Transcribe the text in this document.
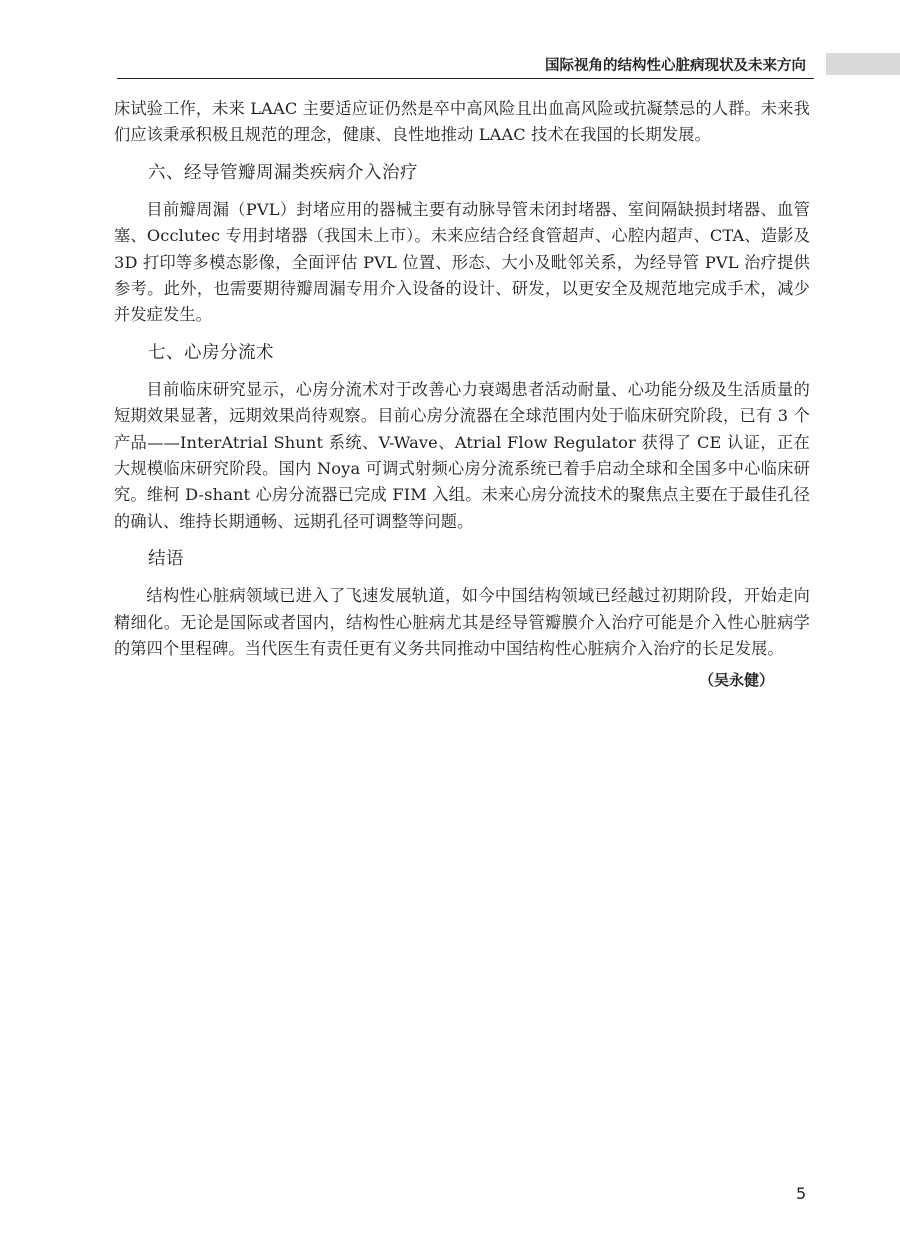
国际视角的结构性心脏病现状及未来方向

床试验工作，未来 LAAC 主要适应证仍然是卒中高风险且出血高风险或抗凝禁忌的人群。未来我们应该秉承积极且规范的理念，健康、良性地推动 LAAC 技术在我国的长期发展。

六、经导管瓣周漏类疾病介入治疗

目前瓣周漏（PVL）封堵应用的器械主要有动脉导管未闭封堵器、室间隔缺损封堵器、血管塞、Occlutec 专用封堵器（我国未上市）。未来应结合经食管超声、心腔内超声、CTA、造影及 3D 打印等多模态影像，全面评估 PVL 位置、形态、大小及毗邻关系，为经导管 PVL 治疗提供参考。此外，也需要期待瓣周漏专用介入设备的设计、研发，以更安全及规范地完成手术，减少并发症发生。

七、心房分流术

目前临床研究显示，心房分流术对于改善心力衰竭患者活动耐量、心功能分级及生活质量的短期效果显著，远期效果尚待观察。目前心房分流器在全球范围内处于临床研究阶段，已有 3 个产品——InterAtrial Shunt 系统、V-Wave、Atrial Flow Regulator 获得了 CE 认证，正在大规模临床研究阶段。国内 Noya 可调式射频心房分流系统已着手启动全球和全国多中心临床研究。维柯 D-shant 心房分流器已完成 FIM 入组。未来心房分流技术的聚焦点主要在于最佳孔径的确认、维持长期通畅、远期孔径可调整等问题。

结语

结构性心脏病领域已进入了飞速发展轨道，如今中国结构领域已经越过初期阶段，开始走向精细化。无论是国际或者国内，结构性心脏病尤其是经导管瓣膜介入治疗可能是介入性心脏病学的第四个里程碑。当代医生有责任更有义务共同推动中国结构性心脏病介入治疗的长足发展。

（吴永健）
5
